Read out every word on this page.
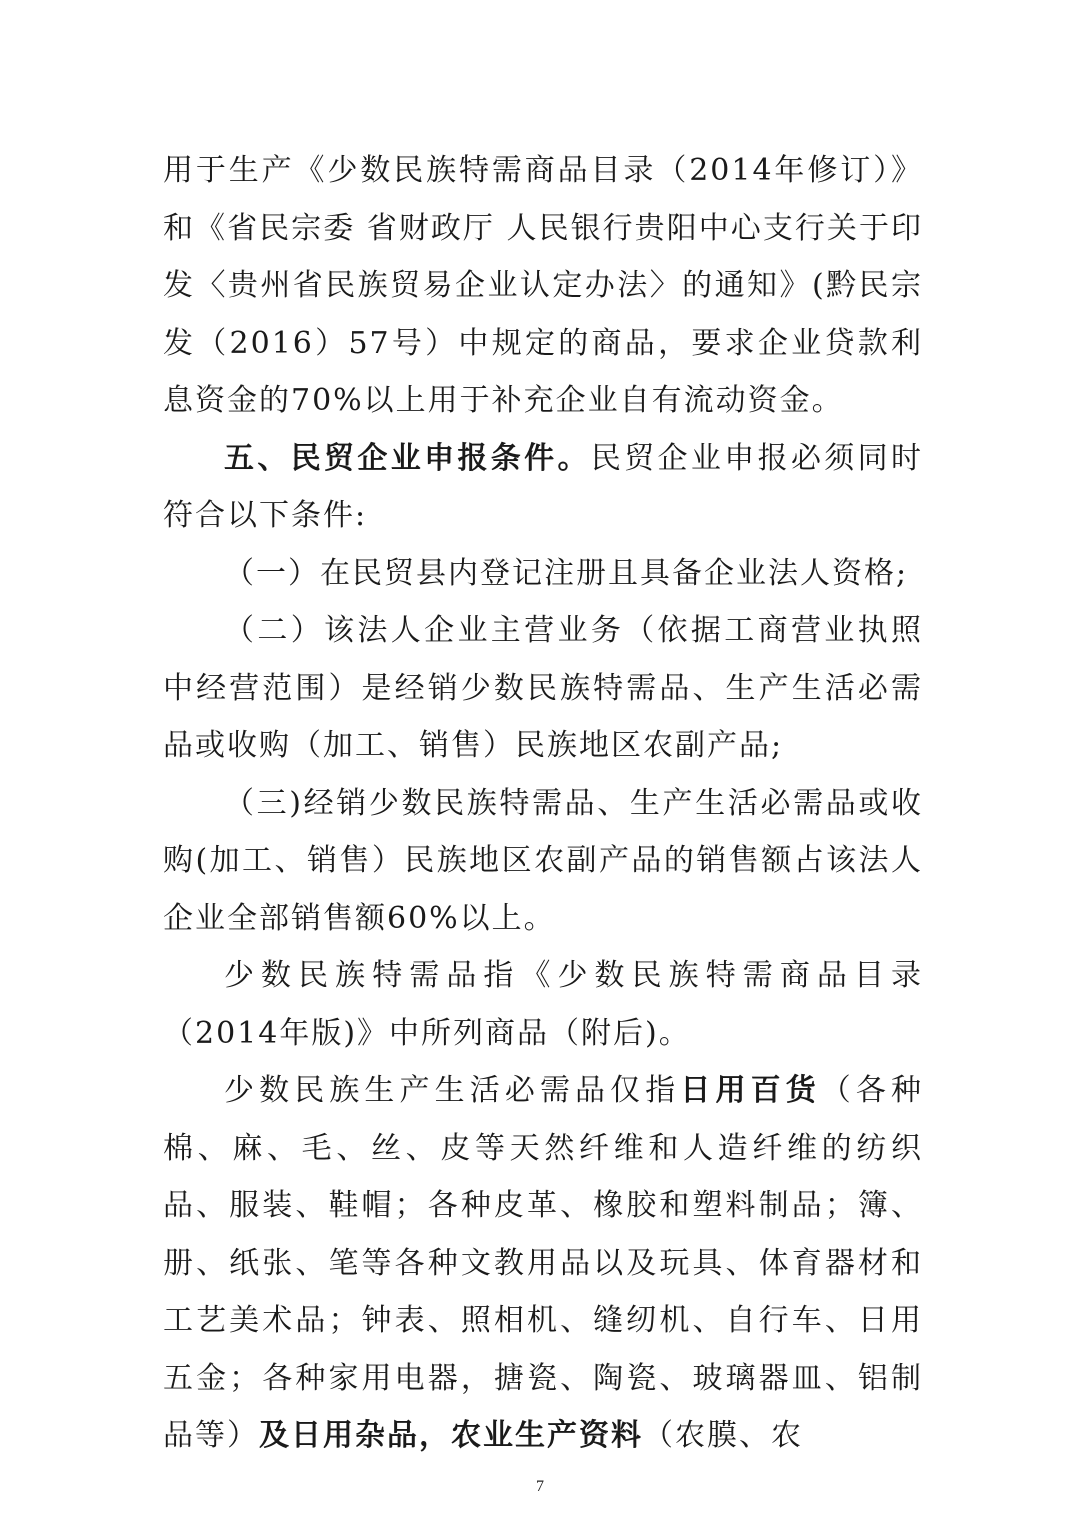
用于生产《少数民族特需商品目录（2014年修订）》和《省民宗委 省财政厅 人民银行贵阳中心支行关于印发〈贵州省民族贸易企业认定办法〉的通知》(黔民宗发（2016）57号）中规定的商品，要求企业贷款利息资金的70%以上用于补充企业自有流动资金。

五、民贸企业申报条件。民贸企业申报必须同时符合以下条件:

（一）在民贸县内登记注册且具备企业法人资格;

（二）该法人企业主营业务（依据工商营业执照中经营范围）是经销少数民族特需品、生产生活必需品或收购（加工、销售）民族地区农副产品;

（三)经销少数民族特需品、生产生活必需品或收购(加工、销售）民族地区农副产品的销售额占该法人企业全部销售额60%以上。

少数民族特需品指《少数民族特需商品目录（2014年版)》中所列商品（附后)。

少数民族生产生活必需品仅指日用百货（各种棉、麻、毛、丝、皮等天然纤维和人造纤维的纺织品、服装、鞋帽；各种皮革、橡胶和塑料制品；簿、册、纸张、笔等各种文教用品以及玩具、体育器材和工艺美术品；钟表、照相机、缝纫机、自行车、日用五金；各种家用电器，搪瓷、陶瓷、玻璃器皿、铝制品等）及日用杂品，农业生产资料（农膜、农

7
